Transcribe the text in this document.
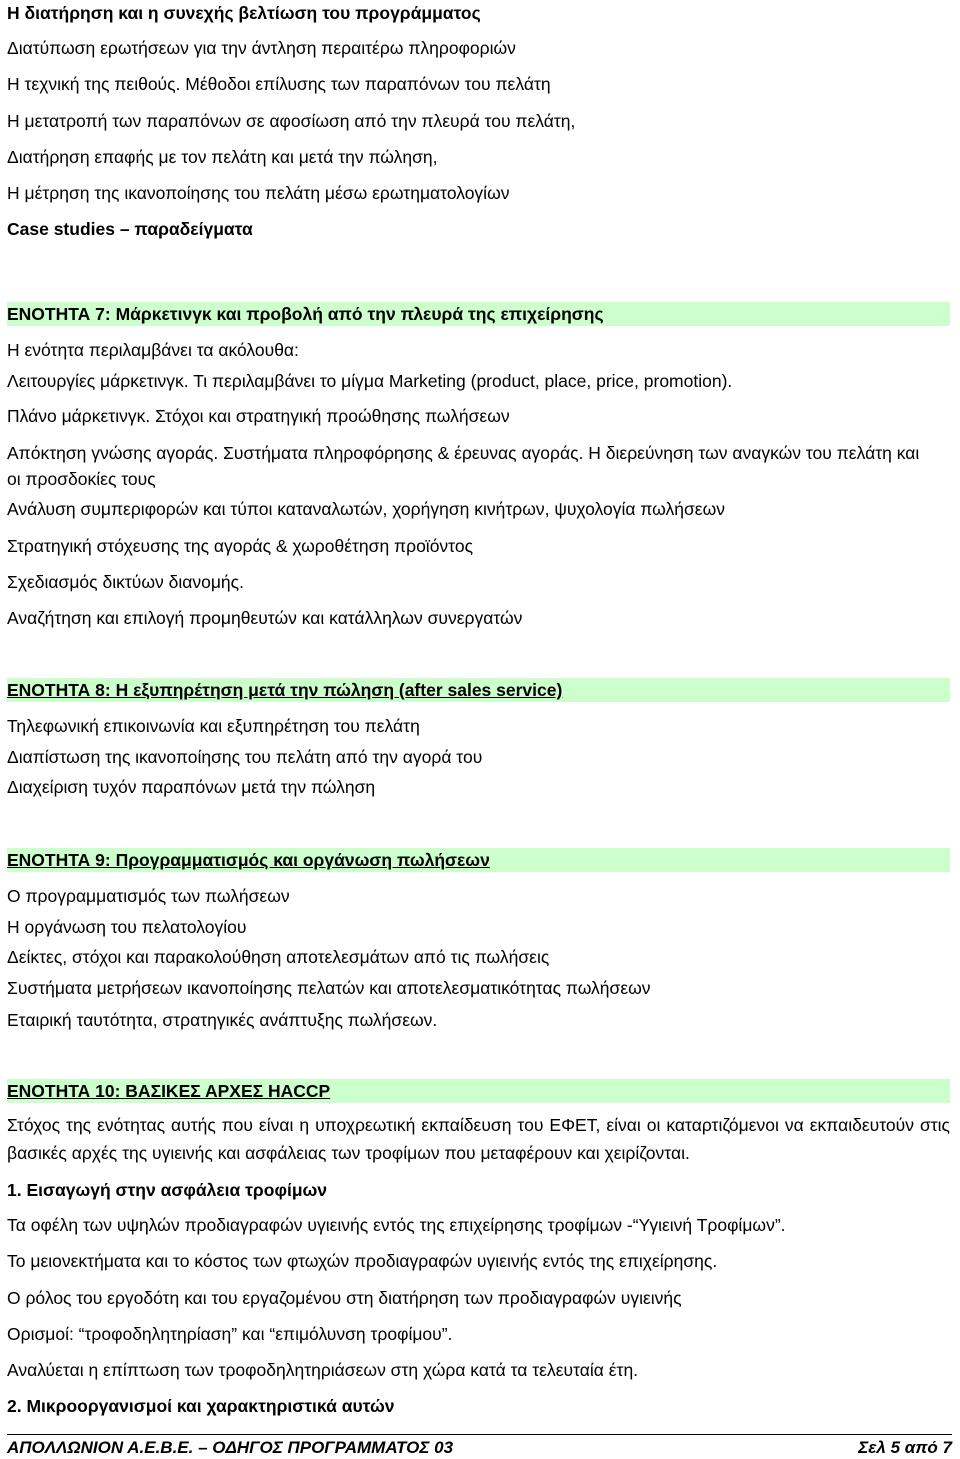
Η διατήρηση και η συνεχής βελτίωση του προγράμματος
Διατύπωση ερωτήσεων για την άντληση περαιτέρω πληροφοριών
Η τεχνική της πειθούς. Μέθοδοι επίλυσης των παραπόνων του πελάτη
Η μετατροπή των παραπόνων σε αφοσίωση από την πλευρά του πελάτη,
Διατήρηση επαφής με τον πελάτη και μετά την πώληση,
Η μέτρηση της ικανοποίησης του πελάτη μέσω ερωτηματολογίων
Case studies – παραδείγματα
ΕΝΟΤΗΤΑ 7: Μάρκετινγκ και προβολή από την πλευρά της επιχείρησης
Η ενότητα περιλαμβάνει τα ακόλουθα:
Λειτουργίες μάρκετινγκ. Τι περιλαμβάνει το μίγμα Marketing (product, place, price, promotion).
Πλάνο μάρκετινγκ. Στόχοι και στρατηγική προώθησης πωλήσεων
Απόκτηση γνώσης αγοράς. Συστήματα πληροφόρησης & έρευνας αγοράς. Η διερεύνηση των αναγκών του πελάτη και
οι προσδοκίες τους
Ανάλυση συμπεριφορών και τύποι καταναλωτών, χορήγηση κινήτρων, ψυχολογία πωλήσεων
Στρατηγική στόχευσης της αγοράς & χωροθέτηση προϊόντος
Σχεδιασμός δικτύων διανομής.
Αναζήτηση και επιλογή προμηθευτών και κατάλληλων συνεργατών
ΕΝΟΤΗΤΑ 8: Η εξυπηρέτηση μετά την πώληση (after sales service)
Τηλεφωνική επικοινωνία και εξυπηρέτηση του πελάτη
Διαπίστωση της ικανοποίησης του πελάτη από την αγορά του
Διαχείριση τυχόν παραπόνων μετά την πώληση
ΕΝΟΤΗΤΑ 9: Προγραμματισμός και οργάνωση πωλήσεων
Ο προγραμματισμός των πωλήσεων
Η οργάνωση του πελατολογίου
Δείκτες, στόχοι και παρακολούθηση αποτελεσμάτων από τις πωλήσεις
Συστήματα μετρήσεων ικανοποίησης πελατών και αποτελεσματικότητας πωλήσεων
Εταιρική ταυτότητα, στρατηγικές ανάπτυξης πωλήσεων.
ΕΝΟΤΗΤΑ 10: ΒΑΣΙΚΕΣ ΑΡΧΕΣ HACCP
Στόχος της ενότητας αυτής που είναι η υποχρεωτική εκπαίδευση του ΕΦΕΤ, είναι οι καταρτιζόμενοι να εκπαιδευτούν στις βασικές αρχές της υγιεινής και ασφάλειας των τροφίμων που μεταφέρουν και χειρίζονται.
1. Εισαγωγή στην ασφάλεια τροφίμων
Τα οφέλη των υψηλών προδιαγραφών υγιεινής εντός της επιχείρησης τροφίμων -“Υγιεινή Τροφίμων”.
Το μειονεκτήματα και το κόστος των φτωχών προδιαγραφών υγιεινής εντός της επιχείρησης.
Ο ρόλος του εργοδότη και του εργαζομένου στη διατήρηση των προδιαγραφών υγιεινής
Ορισμοί: “τροφοδηλητηρίαση” και “επιμόλυνση τροφίμου”.
Αναλύεται η επίπτωση των τροφοδηλητηριάσεων στη χώρα κατά τα τελευταία έτη.
2. Μικροοργανισμοί και χαρακτηριστικά αυτών
ΑΠΟΛΛΩΝΙΟΝ Α.Ε.Β.Ε. – ΟΔΗΓΟΣ ΠΡΟΓΡΑΜΜΑΤΟΣ 03	Σελ 5 από 7
